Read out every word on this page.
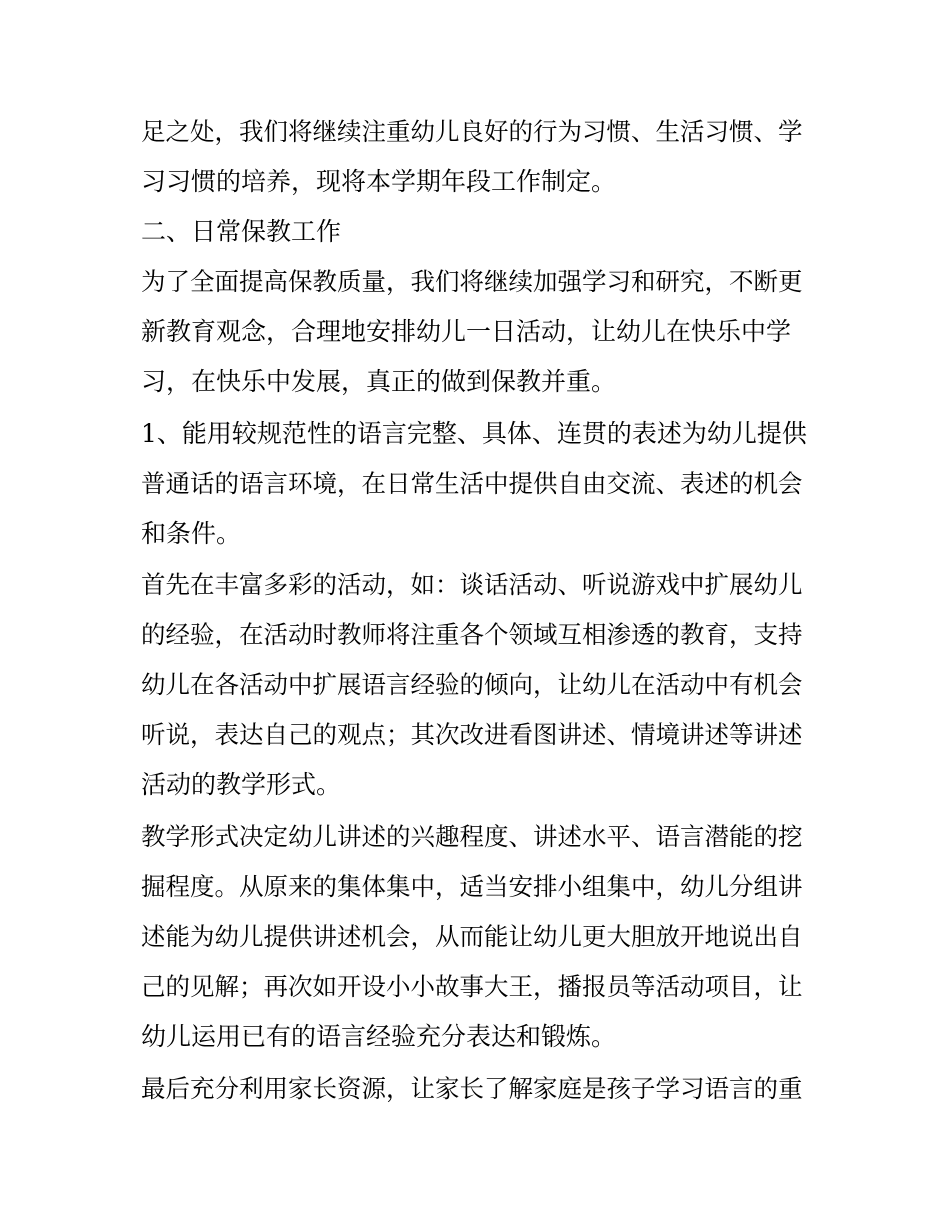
足之处，我们将继续注重幼儿良好的行为习惯、生活习惯、学

习习惯的培养，现将本学期年段工作制定。

二、日常保教工作

为了全面提高保教质量，我们将继续加强学习和研究，不断更

新教育观念，合理地安排幼儿一日活动，让幼儿在快乐中学

习，在快乐中发展，真正的做到保教并重。

1、能用较规范性的语言完整、具体、连贯的表述为幼儿提供

普通话的语言环境，在日常生活中提供自由交流、表述的机会

和条件。

首先在丰富多彩的活动，如：谈话活动、听说游戏中扩展幼儿

的经验，在活动时教师将注重各个领域互相渗透的教育，支持

幼儿在各活动中扩展语言经验的倾向，让幼儿在活动中有机会

听说，表达自己的观点；其次改进看图讲述、情境讲述等讲述

活动的教学形式。

教学形式决定幼儿讲述的兴趣程度、讲述水平、语言潜能的挖

掘程度。从原来的集体集中，适当安排小组集中，幼儿分组讲

述能为幼儿提供讲述机会，从而能让幼儿更大胆放开地说出自

己的见解；再次如开设小小故事大王，播报员等活动项目，让

幼儿运用已有的语言经验充分表达和锻炼。

最后充分利用家长资源，让家长了解家庭是孩子学习语言的重
